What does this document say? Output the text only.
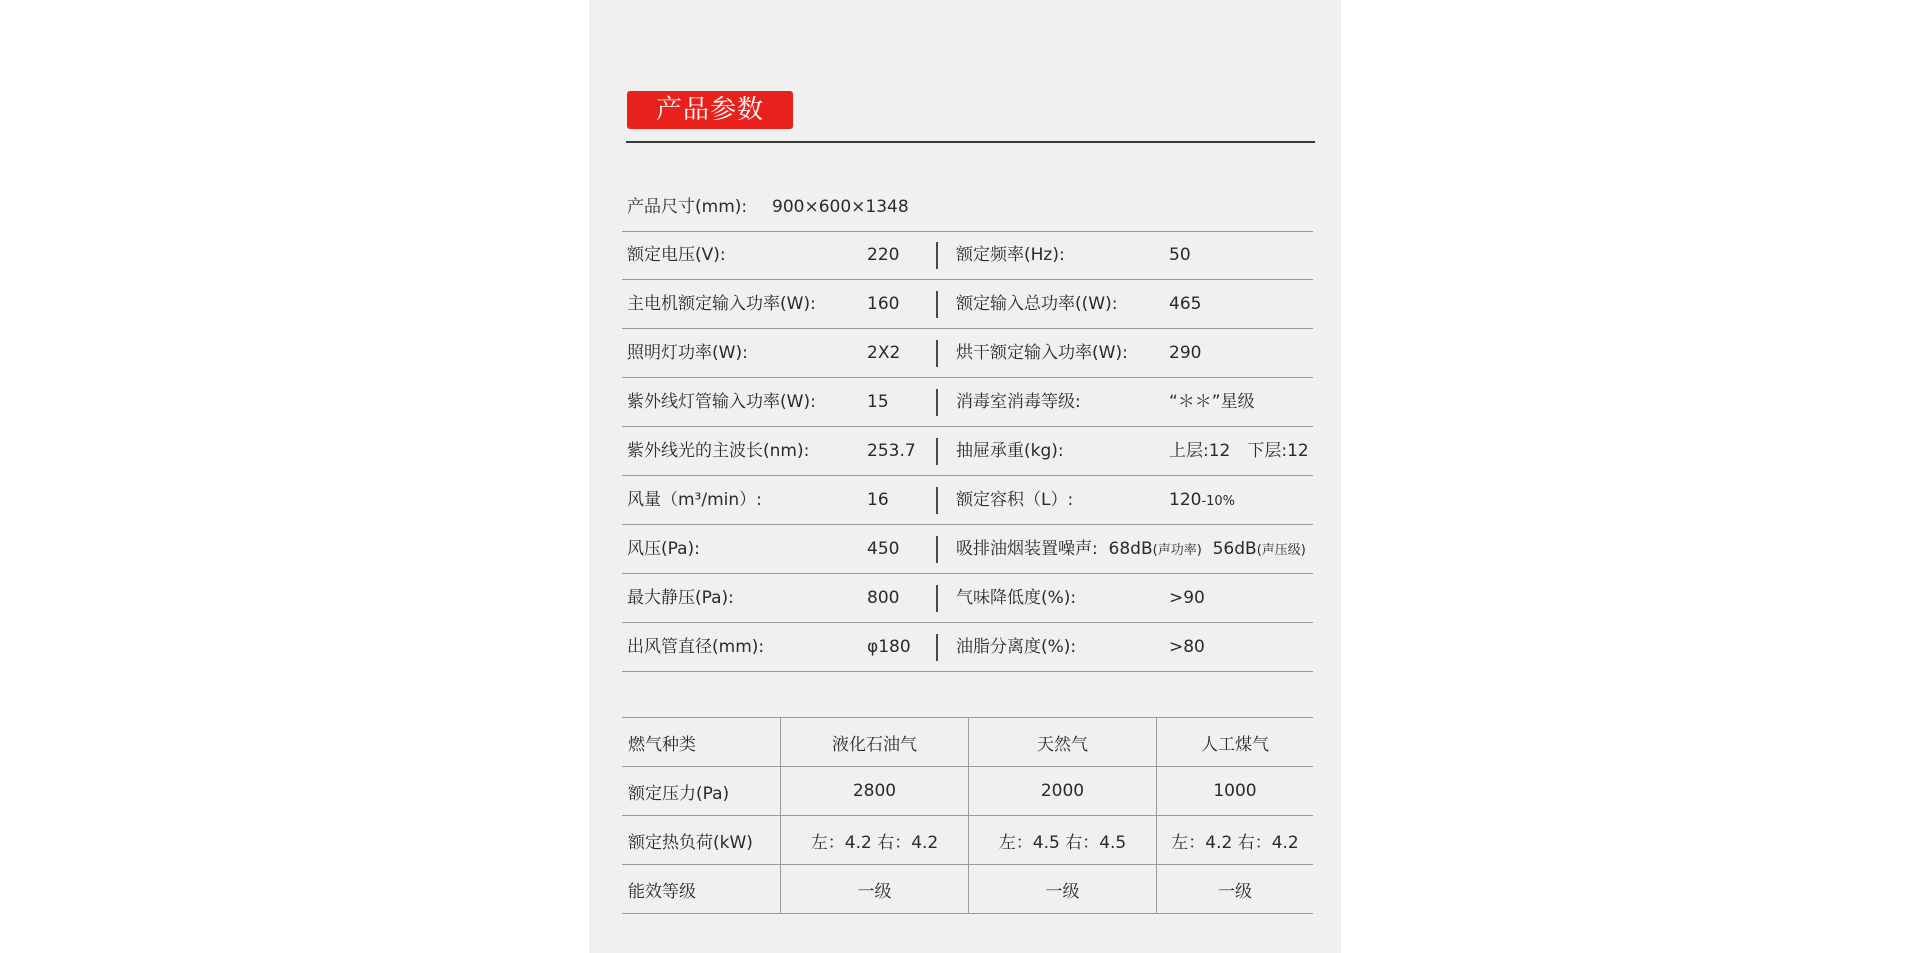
产品参数
产品尺寸(mm): 900×600×1348
额定电压(V):	220	额定频率(Hz):	50
主电机额定输入功率(W):	160	额定输入总功率((W):	465
照明灯功率(W):	2X2	烘干额定输入功率(W): 290
紫外线灯管输入功率(W):	15	消毒室消毒等级:	“＊＊”星级
紫外线光的主波长(nm):	253.7 抽屉承重(kg):	上层:12　下层:12
风量（m³/min）:	16	额定容积（L）:	120-10%
风压(Pa):	450	吸排油烟装置噪声: 68dB(声功率) 56dB(声压级)
最大静压(Pa):	800	气味降低度(%):	>90
出风管直径(mm):	φ180	油脂分离度(%):	>80
燃气种类	液化石油气	天然气	人工煤气
额定压力(Pa)	2800	2000	1000
额定热负荷(kW)	左：4.2 右：4.2	左：4.5 右：4.5	左：4.2 右：4.2
能效等级	一级	一级	一级
